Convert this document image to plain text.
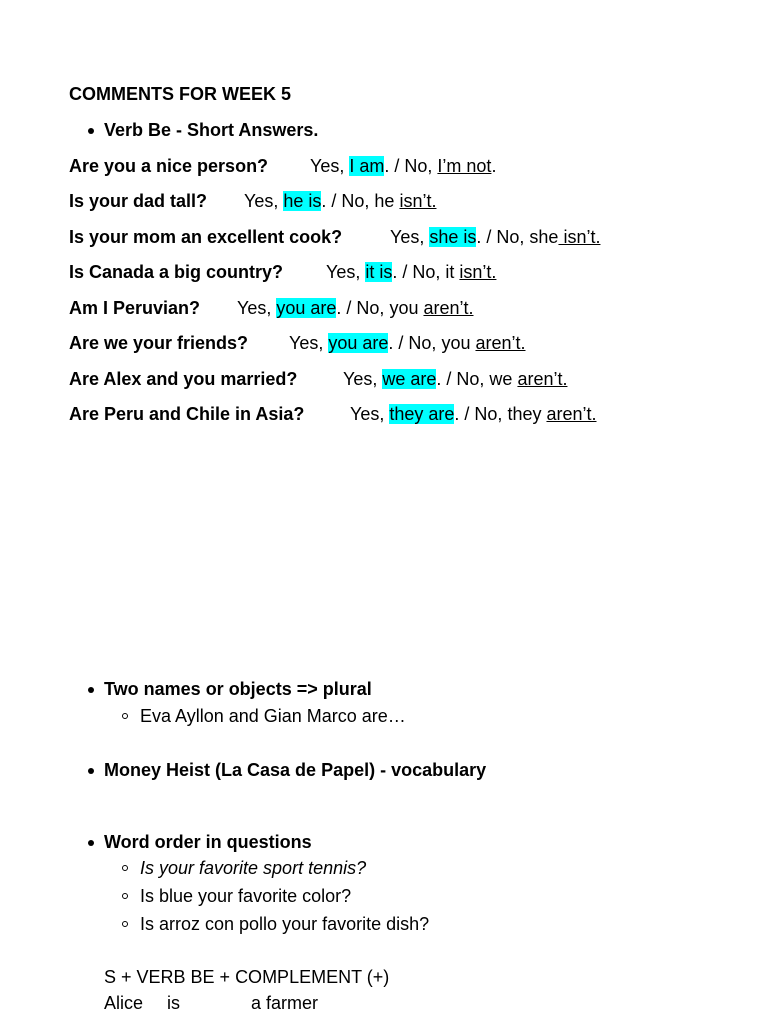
COMMENTS FOR WEEK 5
Verb Be - Short Answers.
Are you a nice person? Yes, I am. / No, I’m not.
Is your dad tall? Yes, he is. / No, he isn’t.
Is your mom an excellent cook?	Yes, she is. / No, she isn’t.
Is Canada a big country? Yes, it is. / No, it isn’t.
Am I Peruvian? Yes, you are. / No, you aren’t.
Are we your friends? Yes, you are. / No, you aren’t.
Are Alex and you married?	Yes, we are. / No, we aren’t.
Are Peru and Chile in Asia?	Yes, they are. / No, they aren’t.
Two names or objects => plural
Eva Ayllon and Gian Marco are…
Money Heist (La Casa de Papel) - vocabulary
Word order in questions
Is your favorite sport tennis?
Is blue your favorite color?
Is arroz con pollo your favorite dish?
S + VERB BE + COMPLEMENT (+)
Alice is	a farmer
